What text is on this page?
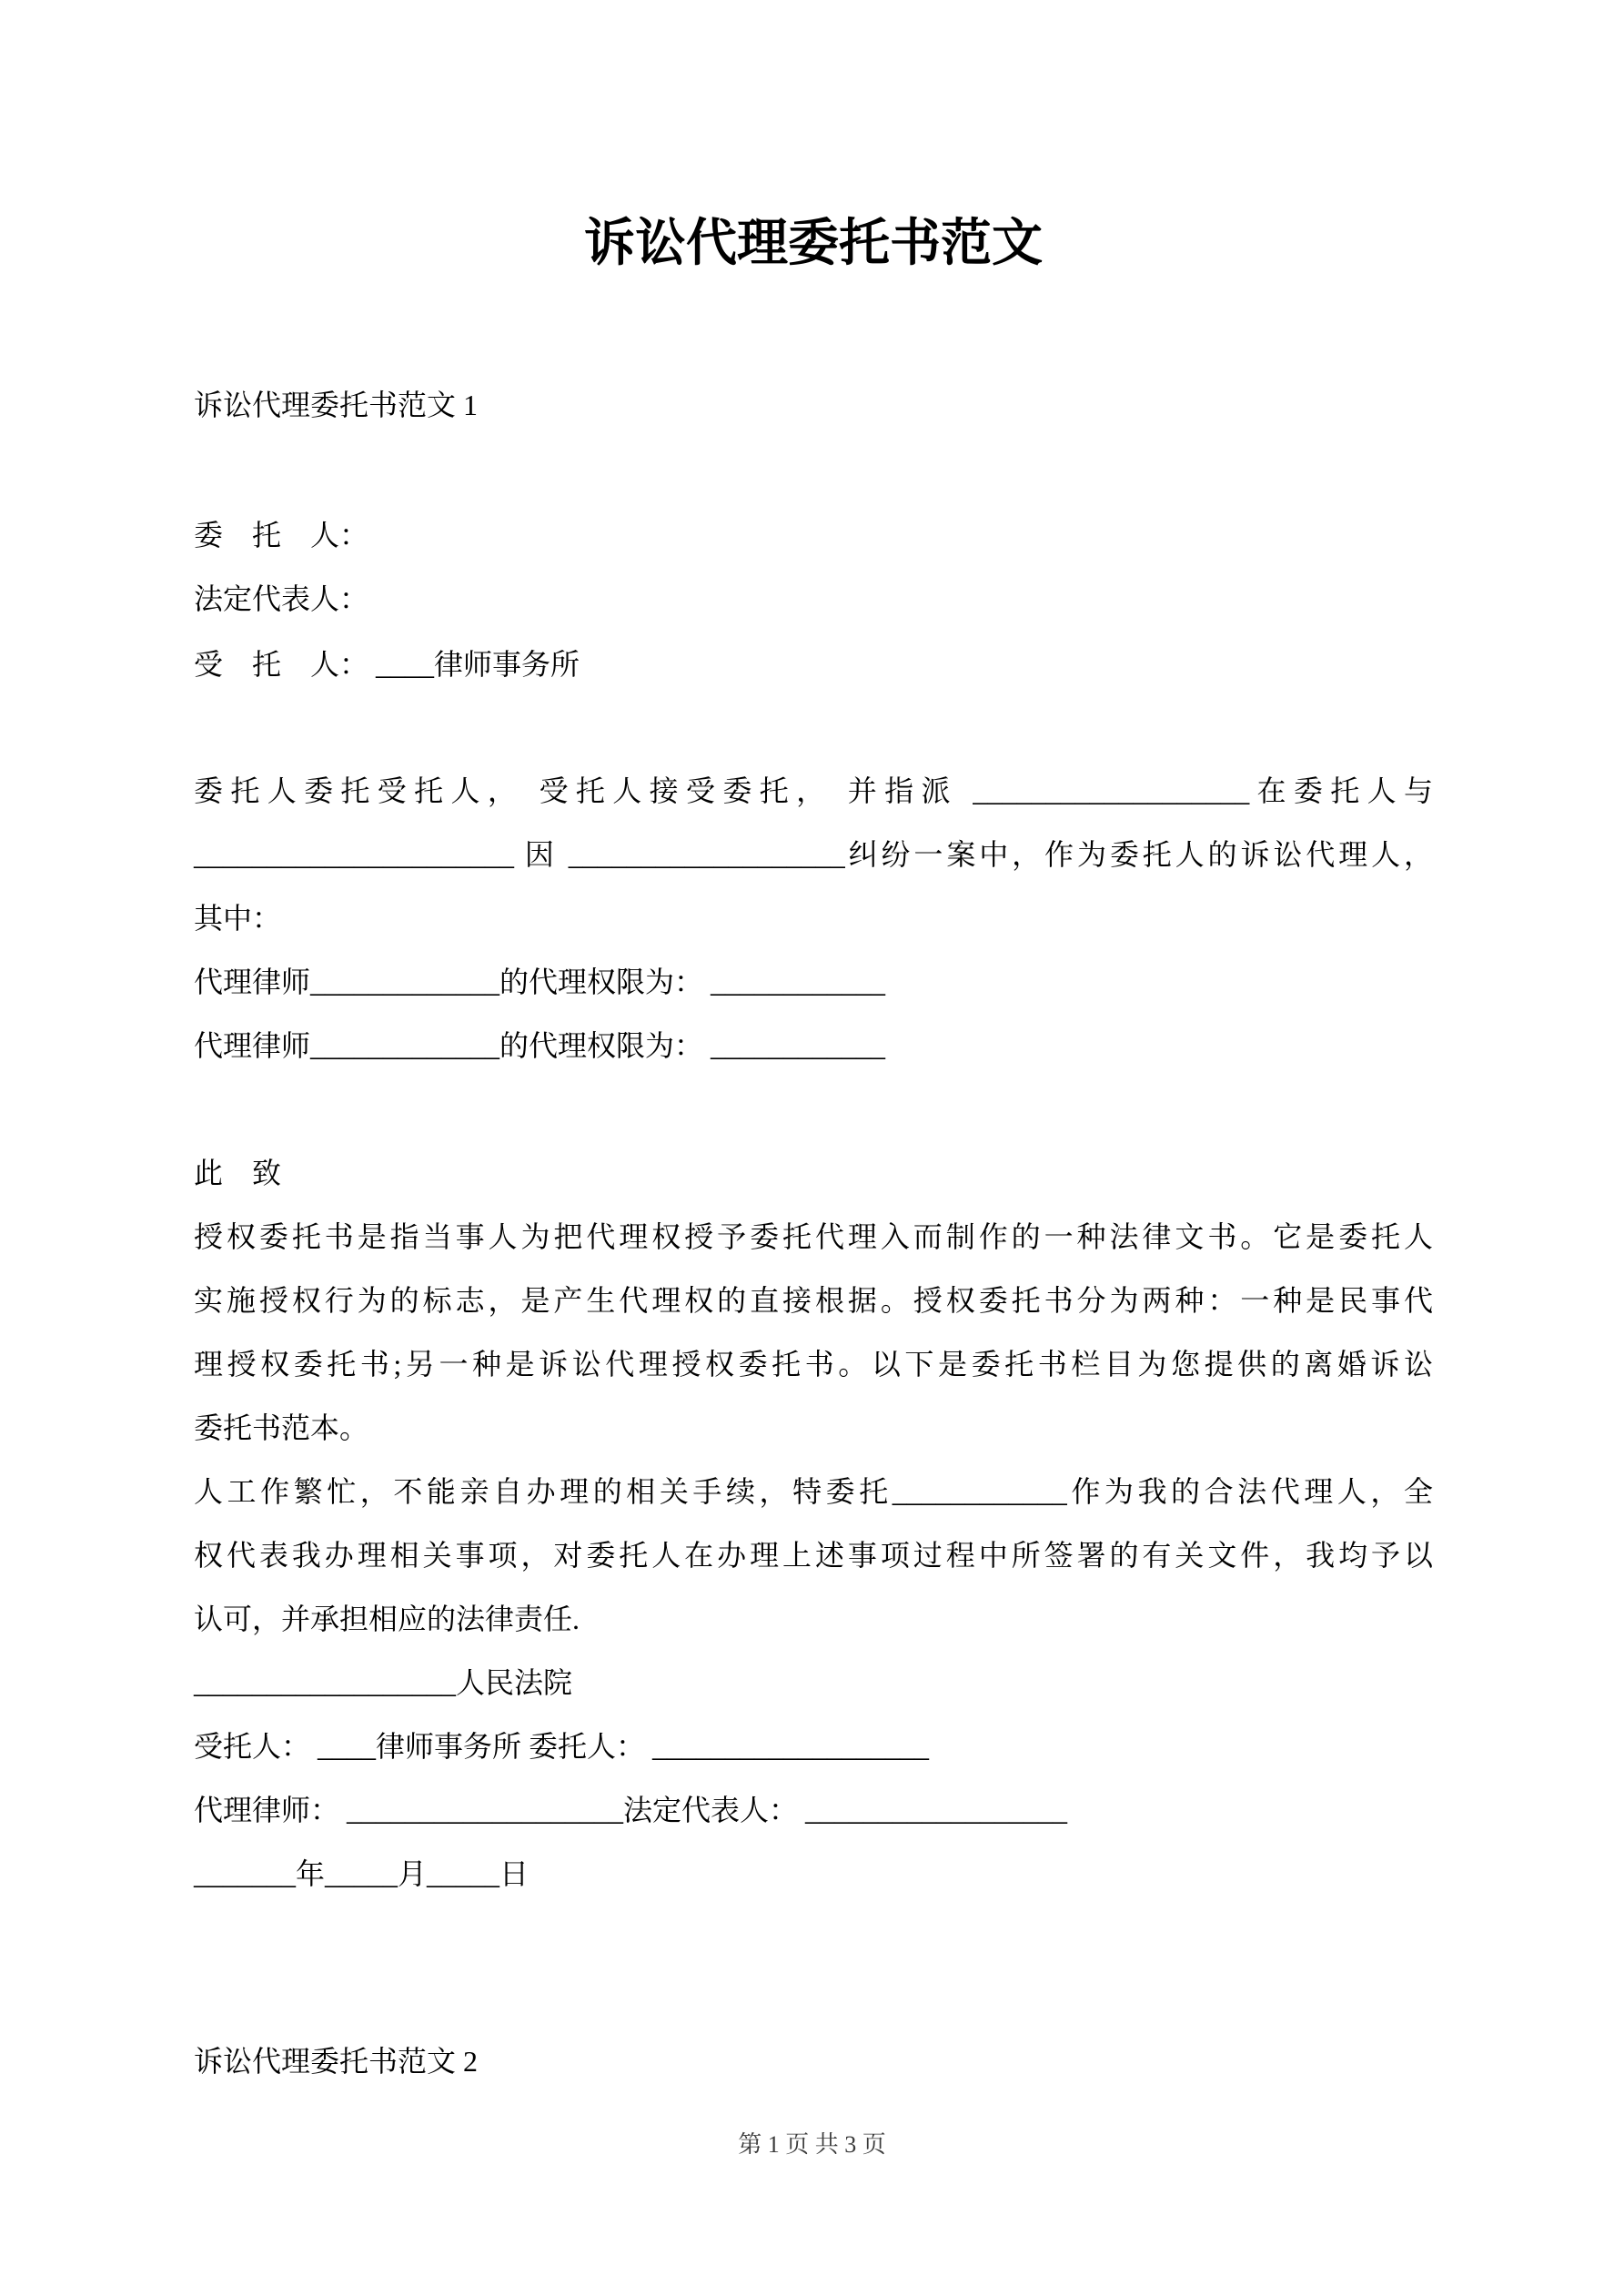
诉讼代理委托书范文
诉讼代理委托书范文 1
委　托　人：
法定代表人：
受　托　人： ____律师事务所
委托人委托受托人， 受托人接受委托， 并指派 ___________________在委托人与
______________________ 因 ___________________纠纷一案中，作为委托人的诉讼代理人，
其中：
代理律师_____________的代理权限为： ____________
代理律师_____________的代理权限为： ____________
此　致
授权委托书是指当事人为把代理权授予委托代理入而制作的一种法律文书。它是委托人
实施授权行为的标志，是产生代理权的直接根据。授权委托书分为两种：一种是民事代
理授权委托书;另一种是诉讼代理授权委托书。以下是委托书栏目为您提供的离婚诉讼
委托书范本。
人工作繁忙，不能亲自办理的相关手续，特委托____________作为我的合法代理人，全
权代表我办理相关事项，对委托人在办理上述事项过程中所签署的有关文件，我均予以
认可，并承担相应的法律责任.
__________________人民法院
受托人： ____律师事务所 委托人： ___________________
代理律师： ___________________法定代表人： __________________
_______年_____月_____日
诉讼代理委托书范文 2
第 1 页 共 3 页
